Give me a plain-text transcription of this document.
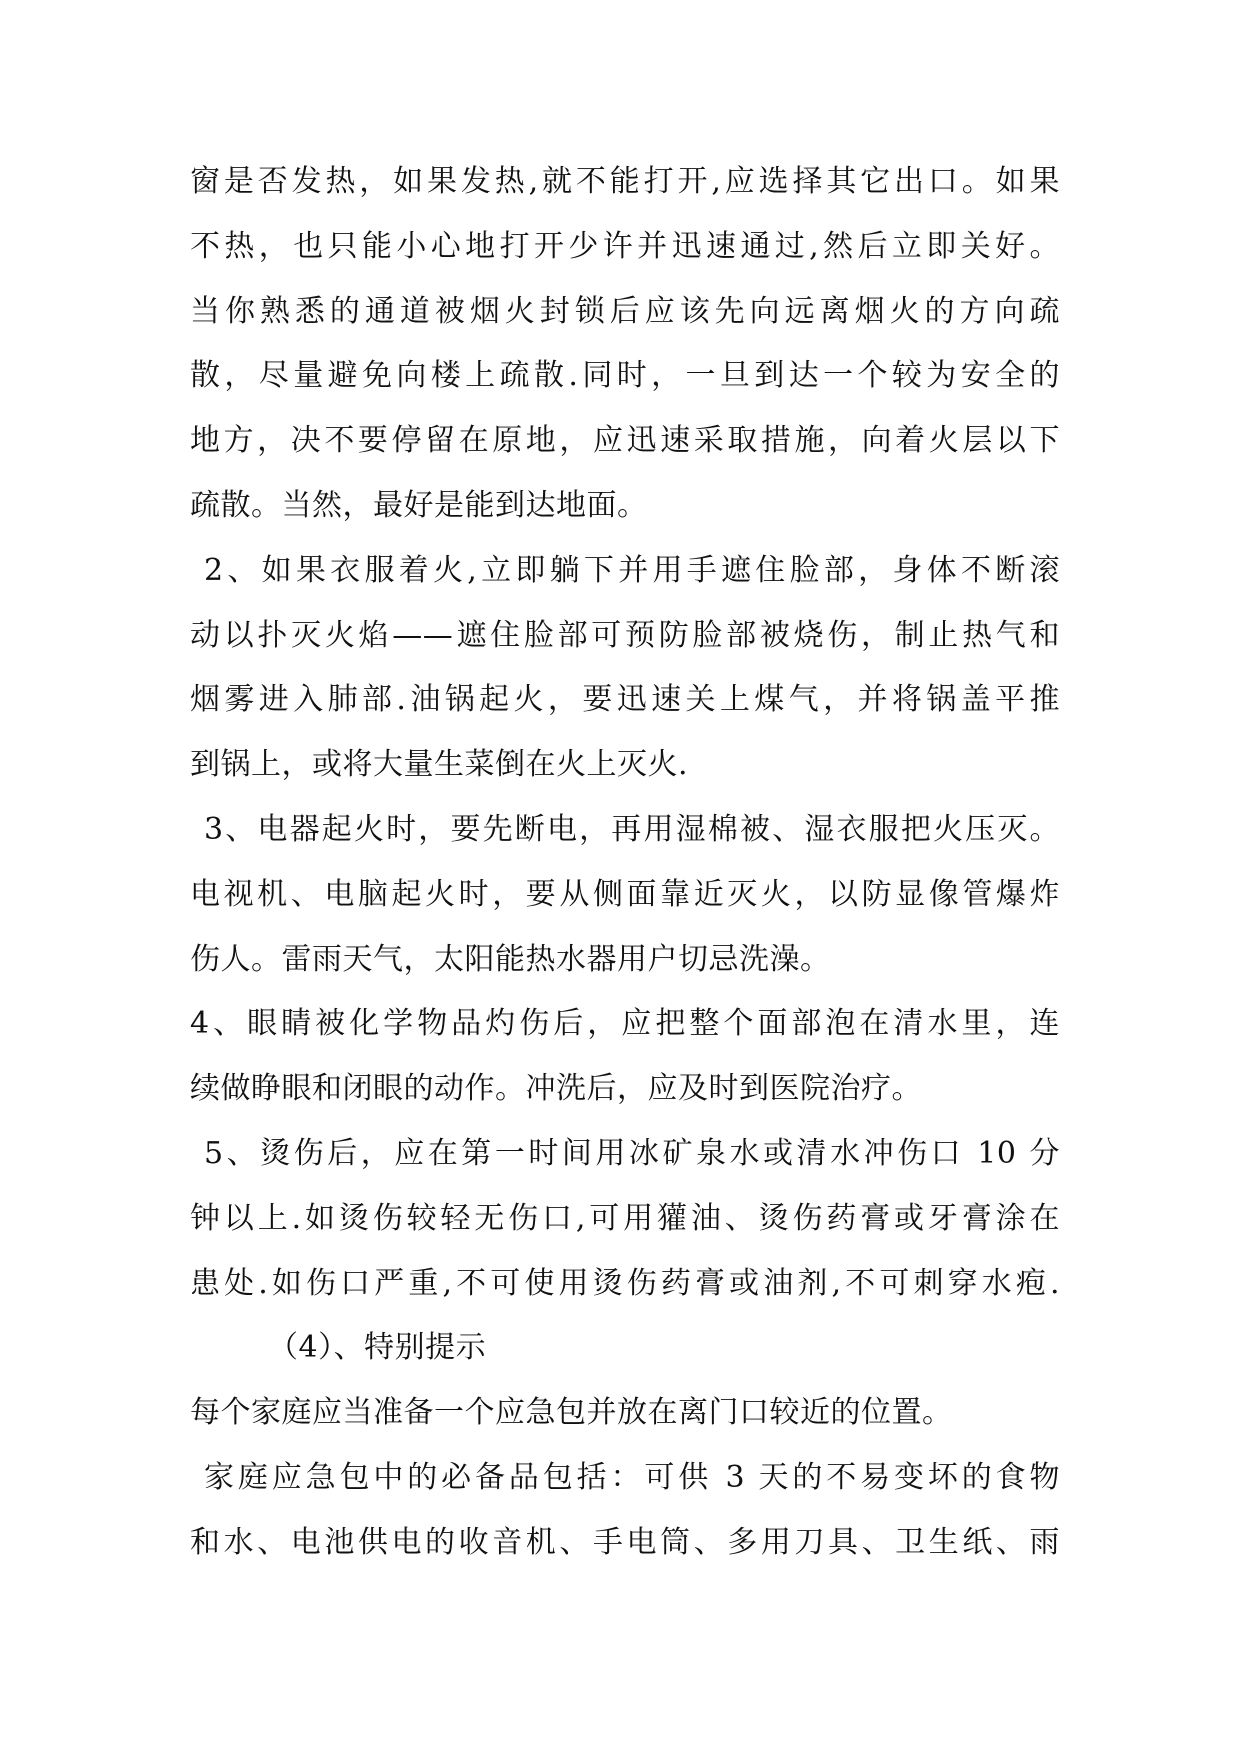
窗是否发热，如果发热,就不能打开,应选择其它出口。如果
不热，也只能小心地打开少许并迅速通过,然后立即关好。
当你熟悉的通道被烟火封锁后应该先向远离烟火的方向疏
散，尽量避免向楼上疏散.同时，一旦到达一个较为安全的
地方，决不要停留在原地，应迅速采取措施，向着火层以下
疏散。当然，最好是能到达地面。
2、如果衣服着火,立即躺下并用手遮住脸部，身体不断滚
动以扑灭火焰——遮住脸部可预防脸部被烧伤，制止热气和
烟雾进入肺部.油锅起火，要迅速关上煤气，并将锅盖平推
到锅上，或将大量生菜倒在火上灭火.
3、电器起火时，要先断电，再用湿棉被、湿衣服把火压灭。
电视机、电脑起火时，要从侧面靠近灭火，以防显像管爆炸
伤人。雷雨天气，太阳能热水器用户切忌洗澡。
4、眼睛被化学物品灼伤后，应把整个面部泡在清水里，连
续做睁眼和闭眼的动作。冲洗后，应及时到医院治疗。
5、烫伤后，应在第一时间用冰矿泉水或清水冲伤口 10 分
钟以上.如烫伤较轻无伤口,可用獾油、烫伤药膏或牙膏涂在
患处.如伤口严重,不可使用烫伤药膏或油剂,不可刺穿水疱.
（4）、特别提示
每个家庭应当准备一个应急包并放在离门口较近的位置。
家庭应急包中的必备品包括：可供 3 天的不易变坏的食物
和水、电池供电的收音机、手电筒、多用刀具、卫生纸、雨
